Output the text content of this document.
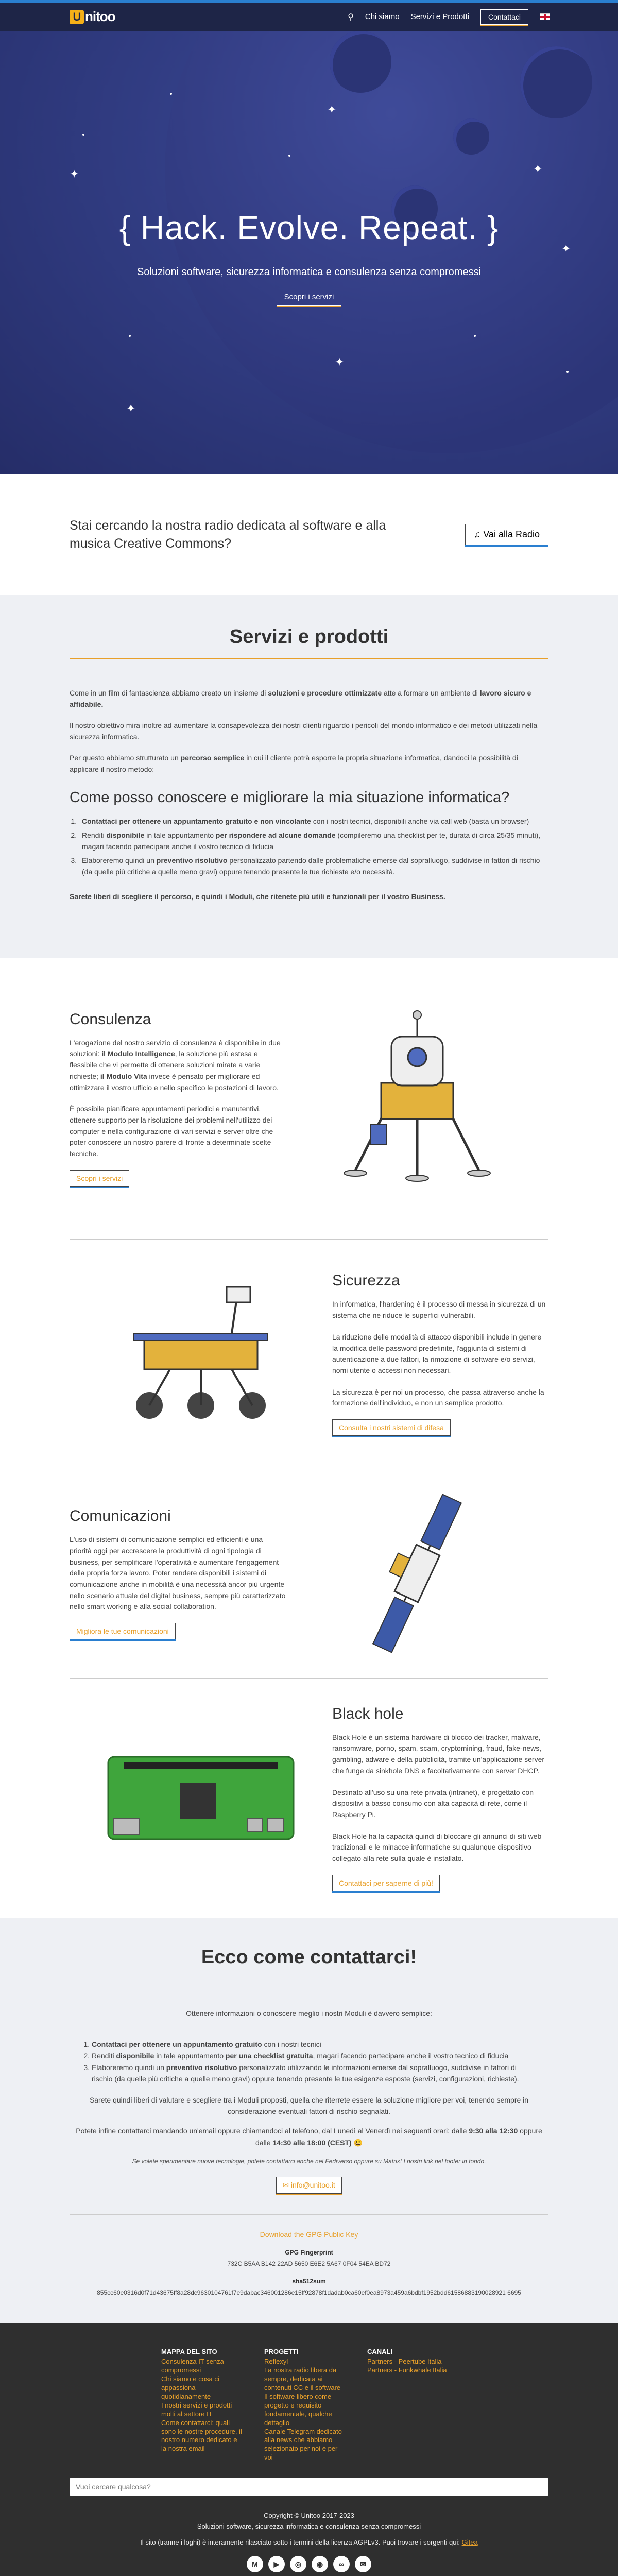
U nitoo	⚲ Chi siamo Servizi e Prodotti	Contattaci
✦
✦
✦
✦
✦
✦
{ Hack. Evolve. Repeat. }
Soluzioni software, sicurezza informatica e consulenza senza compromessi
Scopri i servizi
Stai cercando la nostra radio dedicata al software e alla musica Creative Commons?
♫ Vai alla Radio
Servizi e prodotti

Come in un film di fantascienza abbiamo creato un insieme di soluzioni e procedure ottimizzate atte a formare un ambiente di lavoro sicuro e affidabile.

Il nostro obiettivo mira inoltre ad aumentare la consapevolezza dei nostri clienti riguardo i pericoli del mondo informatico e dei metodi utilizzati nella sicurezza informatica.

Per questo abbiamo strutturato un percorso semplice in cui il cliente potrà esporre la propria situazione informatica, dandoci la possibilità di applicare il nostro metodo:

Come posso conoscere e migliorare la mia situazione informatica?
1. Contattaci per ottenere un appuntamento gratuito e non vincolante con i nostri tecnici, disponibili anche via call web (basta un browser)
2. Renditi disponibile in tale appuntamento per rispondere ad alcune domande (compileremo una checklist per te, durata di circa 25/35 minuti), magari facendo partecipare anche il vostro tecnico di fiducia
3. Elaboreremo quindi un preventivo risolutivo personalizzato partendo dalle problematiche emerse dal sopralluogo, suddivise in fattori di rischio (da quelle più critiche a quelle meno gravi) oppure tenendo presente le tue richieste e/o necessità.

Sarete liberi di scegliere il percorso, e quindi i Moduli, che ritenete più utili e funzionali per il vostro Business.

Consulenza

L'erogazione del nostro servizio di consulenza è disponibile in due soluzioni: il Modulo Intelligence, la soluzione più estesa e flessibile che vi permette di ottenere soluzioni mirate a varie richieste; il Modulo Vita invece è pensato per migliorare ed ottimizzare il vostro ufficio e nello specifico le postazioni di lavoro.

È possibile pianificare appuntamenti periodici e manutentivi, ottenere supporto per la risoluzione dei problemi nell'utilizzo dei computer e nella configurazione di vari servizi e server oltre che poter conoscere un nostro parere di fronte a determinate scelte tecniche.

Scopri i servizi
Sicurezza

In informatica, l'hardening è il processo di messa in sicurezza di un sistema che ne riduce le superfici vulnerabili.

La riduzione delle modalità di attacco disponibili include in genere la modifica delle password predefinite, l'aggiunta di sistemi di autenticazione a due fattori, la rimozione di software e/o servizi, nomi utente o accessi non necessari.

La sicurezza è per noi un processo, che passa attraverso anche la formazione dell'individuo, e non un semplice prodotto.

Consulta i nostri sistemi di difesa
Comunicazioni

L'uso di sistemi di comunicazione semplici ed efficienti è una priorità oggi per accrescere la produttività di ogni tipologia di business, per semplificare l'operatività e aumentare l'engagement della propria forza lavoro. Poter rendere disponibili i sistemi di comunicazione anche in mobilità è una necessità ancor più urgente nello scenario attuale del digital business, sempre più caratterizzato nello smart working e alla social collaboration.

Migliora le tue comunicazioni
Black hole

Black Hole è un sistema hardware di blocco dei tracker, malware, ransomware, porno, spam, scam, cryptomining, fraud, fake-news, gambling, adware e della pubblicità, tramite un'applicazione server che funge da sinkhole DNS e facoltativamente con server DHCP.

Destinato all'uso su una rete privata (intranet), è progettato con dispositivi a basso consumo con alta capacità di rete, come il Raspberry Pi.

Black Hole ha la capacità quindi di bloccare gli annunci di siti web tradizionali e le minacce informatiche su qualunque dispositivo collegato alla rete sulla quale è installato.

Contattaci per saperne di più!
Ecco come contattarci!

Ottenere informazioni o conoscere meglio i nostri Moduli è davvero semplice:

1. Contattaci per ottenere un appuntamento gratuito con i nostri tecnici
2. Renditi disponibile in tale appuntamento per una checklist gratuita, magari facendo partecipare anche il vostro tecnico di fiducia
3. Elaboreremo quindi un preventivo risolutivo personalizzato utilizzando le informazioni emerse dal sopralluogo, suddivise in fattori di rischio (da quelle più critiche a quelle meno gravi) oppure tenendo presente le tue esigenze esposte (servizi, configurazioni, richieste).

Sarete quindi liberi di valutare e scegliere tra i Moduli proposti, quella che riterrete essere la soluzione migliore per voi, tenendo sempre in considerazione eventuali fattori di rischio segnalati.

Potete infine contattarci mandando un'email oppure chiamandoci al telefono, dal Lunedì al Venerdì nei seguenti orari: dalle 9:30 alla 12:30 oppure dalle 14:30 alle 18:00 (CEST) 😃

Se volete sperimentare nuove tecnologie, potete contattarci anche nel Fediverso oppure su Matrix! I nostri link nel footer in fondo.

✉ info@unitoo.it
Download the GPG Public Key
GPG Fingerprint
732C B5AA B142 22AD 5650 E6E2 5A67 0F04 54EA BD72
sha512sum
855cc60e0316d0f71d43675ff8a28dc9630104761f7e9dabac346001286e15ff92878f1dadab0ca60ef0ea8973a459a6bdbf1952bdd61586883190028921 6695
MAPPA DEL SITO
Consulenza IT senza compromessi
Chi siamo e cosa ci appassiona quotidianamente
I nostri servizi e prodotti molti al settore IT
Come contattarci: quali sono le nostre procedure, il nostro numero dedicato e la nostra email
PROGETTI
Reflexyl
La nostra radio libera da sempre, dedicata ai contenuti CC e il software
Il software libero come progetto e requisito fondamentale, qualche dettaglio
Canale Telegram dedicato alla news che abbiamo selezionato per noi e per voi
CANALI
Partners - Peertube Italia
Partners - Funkwhale Italia
Vuoi cercare qualcosa?
Copyright © Unitoo 2017-2023
Soluzioni software, sicurezza informatica e consulenza senza compromessi
Il sito (tranne i loghi) è interamente rilasciato sotto i termini della licenza AGPLv3. Puoi trovare i sorgenti qui: Gitea
M	▶	◎	◉	∞	✉
